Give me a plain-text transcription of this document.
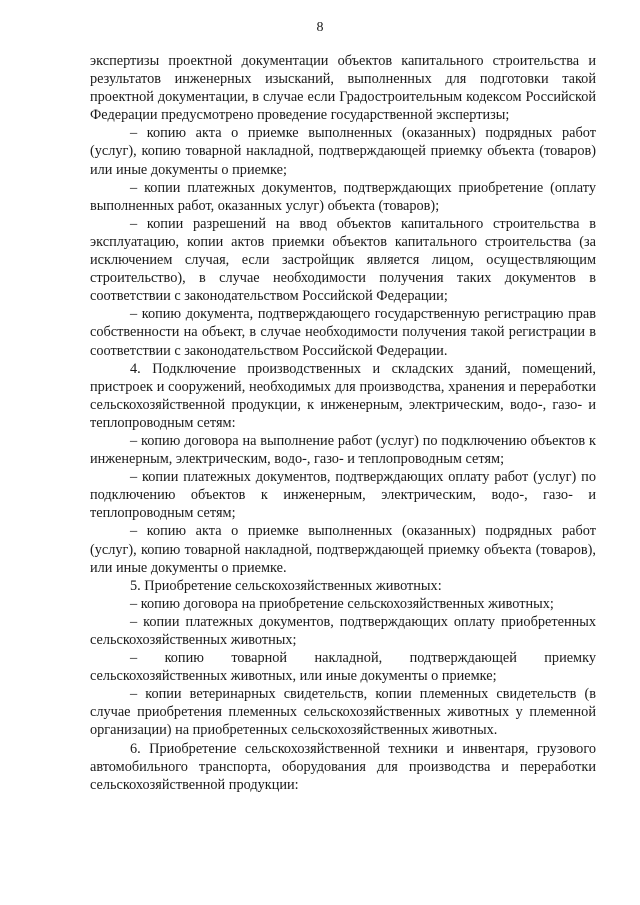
8

экспертизы проектной документации объектов капитального строительства и результатов инженерных изысканий, выполненных для подготовки такой проектной документации, в случае если Градостроительным кодексом Российской Федерации предусмотрено проведение государственной экспертизы;

– копию акта о приемке выполненных (оказанных) подрядных работ (услуг), копию товарной накладной, подтверждающей приемку объекта (товаров) или иные документы о приемке;

– копии платежных документов, подтверждающих приобретение (оплату выполненных работ, оказанных услуг) объекта (товаров);

– копии разрешений на ввод объектов капитального строительства в эксплуатацию, копии актов приемки объектов капитального строительства (за исключением случая, если застройщик является лицом, осуществляющим строительство), в случае необходимости получения таких документов в соответствии с законодательством Российской Федерации;

– копию документа, подтверждающего государственную регистрацию прав собственности на объект, в случае необходимости получения такой регистрации в соответствии с законодательством Российской Федерации.

4. Подключение производственных и складских зданий, помещений, пристроек и сооружений, необходимых для производства, хранения и переработки сельскохозяйственной продукции, к инженерным, электрическим, водо-, газо- и теплопроводным сетям:

– копию договора на выполнение работ (услуг) по подключению объектов к инженерным, электрическим, водо-, газо- и теплопроводным сетям;

– копии платежных документов, подтверждающих оплату работ (услуг) по подключению объектов к инженерным, электрическим, водо-, газо- и теплопроводным сетям;

– копию акта о приемке выполненных (оказанных) подрядных работ (услуг), копию товарной накладной, подтверждающей приемку объекта (товаров), или иные документы о приемке.

5. Приобретение сельскохозяйственных животных:

– копию договора на приобретение сельскохозяйственных животных;

– копии платежных документов, подтверждающих оплату приобретенных сельскохозяйственных животных;

– копию товарной накладной, подтверждающей приемку сельскохозяйственных животных, или иные документы о приемке;

– копии ветеринарных свидетельств, копии племенных свидетельств (в случае приобретения племенных сельскохозяйственных животных у племенной организации) на приобретенных сельскохозяйственных животных.

6. Приобретение сельскохозяйственной техники и инвентаря, грузового автомобильного транспорта, оборудования для производства и переработки сельскохозяйственной продукции:
